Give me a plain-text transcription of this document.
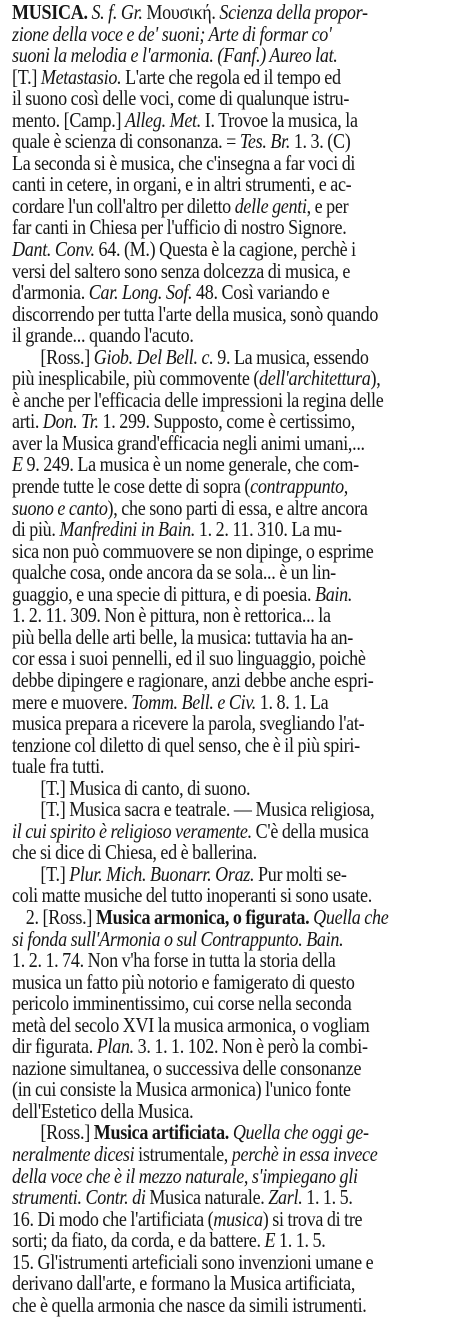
MUSICA. S. f. Gr. Μουσική. Scienza della propor-
zione della voce e de' suoni; Arte di formar co'
suoni la melodia e l'armonia. (Fanf.) Aureo lat.
[T.] Metastasio. L'arte che regola ed il tempo ed
il suono così delle voci, come di qualunque istru-
mento. [Camp.] Alleg. Met. I. Trovoe la musica, la
quale è scienza di consonanza. = Tes. Br. 1. 3. (C)
La seconda si è musica, che c'insegna a far voci di
canti in cetere, in organi, e in altri strumenti, e ac-
cordare l'un coll'altro per diletto delle genti, e per
far canti in Chiesa per l'ufficio di nostro Signore.
Dant. Conv. 64. (M.) Questa è la cagione, perchè i
versi del saltero sono senza dolcezza di musica, e
d'armonia. Car. Long. Sof. 48. Così variando e
discorrendo per tutta l'arte della musica, sonò quando
il grande... quando l'acuto.
[Ross.] Giob. Del Bell. c. 9. La musica, essendo
più inesplicabile, più commovente (dell'architettura),
è anche per l'efficacia delle impressioni la regina delle
arti. Don. Tr. 1. 299. Supposto, come è certissimo,
aver la Musica grand'efficacia negli animi umani,...
E 9. 249. La musica è un nome generale, che com-
prende tutte le cose dette di sopra (contrappunto,
suono e canto), che sono parti di essa, e altre ancora
di più. Manfredini in Bain. 1. 2. 11. 310. La mu-
sica non può commuovere se non dipinge, o esprime
qualche cosa, onde ancora da se sola... è un lin-
guaggio, e una specie di pittura, e di poesia. Bain.
1. 2. 11. 309. Non è pittura, non è rettorica... la
più bella delle arti belle, la musica: tuttavia ha an-
cor essa i suoi pennelli, ed il suo linguaggio, poichè
debbe dipingere e ragionare, anzi debbe anche espri-
mere e muovere. Tomm. Bell. e Civ. 1. 8. 1. La
musica prepara a ricevere la parola, svegliando l'at-
tenzione col diletto di quel senso, che è il più spiri-
tuale fra tutti.
[T.] Musica di canto, di suono.
[T.] Musica sacra e teatrale. — Musica religiosa,
il cui spirito è religioso veramente. C'è della musica
che si dice di Chiesa, ed è ballerina.
[T.] Plur. Mich. Buonarr. Oraz. Pur molti se-
coli matte musiche del tutto inoperanti si sono usate.
2. [Ross.] Musica armonica, o figurata. Quella che
si fonda sull'Armonia o sul Contrappunto. Bain.
1. 2. 1. 74. Non v'ha forse in tutta la storia della
musica un fatto più notorio e famigerato di questo
pericolo imminentissimo, cui corse nella seconda
metà del secolo XVI la musica armonica, o vogliam
dir figurata. Plan. 3. 1. 1. 102. Non è però la combi-
nazione simultanea, o successiva delle consonanze
(in cui consiste la Musica armonica) l'unico fonte
dell'Estetico della Musica.
[Ross.] Musica artificiata. Quella che oggi ge-
neralmente dicesi istrumentale, perchè in essa invece
della voce che è il mezzo naturale, s'impiegano gli
strumenti. Contr. di Musica naturale. Zarl. 1. 1. 5.
16. Di modo che l'artificiata (musica) si trova di tre
sorti; da fiato, da corda, e da battere. E 1. 1. 5.
15. Gl'istrumenti arteficiali sono invenzioni umane e
derivano dall'arte, e formano la Musica artificiata,
che è quella armonia che nasce da simili istrumenti.
